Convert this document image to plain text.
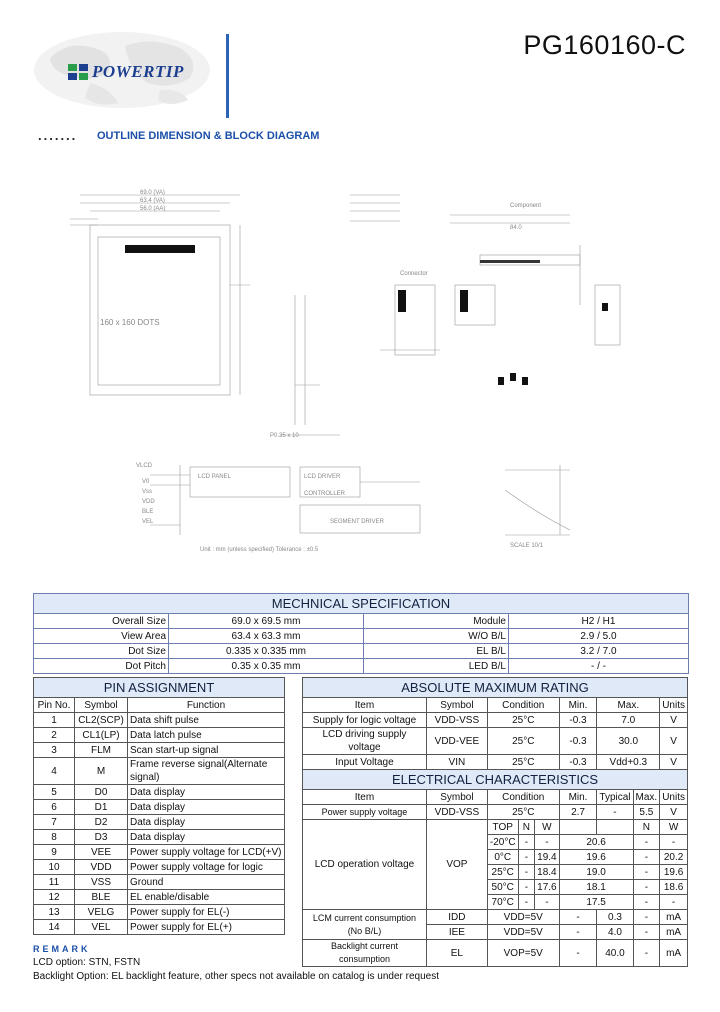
POWERTIP
PG160160-C
....... OUTLINE DIMENSION & BLOCK DIAGRAM
69.0 (VA)
63.4 (VA)
56.0 (AA)
160 x 160 DOTS
P0.35 x 10
Component
84.0
Connector
Unit : mm (unless specified) Tolerance : ±0.5
SCALE 10/1
LCD PANEL	LCD DRIVER
CONTROLLER
SEGMENT DRIVER
VLCD
V0
Vss
VDD
BLE
VEL
MECHNICAL SPECIFICATION			
Overall Size	69.0 x 69.5 mm	Module	H2 / H1
View Area	63.4 x 63.3 mm	W/O B/L	2.9 / 5.0
Dot Size	0.335 x 0.335 mm	EL B/L	3.2 / 7.0
Dot Pitch	0.35 x 0.35 mm	LED B/L	- / -
PIN ASSIGNMENT		
Pin No.	Symbol	Function
1	CL2(SCP)	Data shift pulse
2	CL1(LP)	Data latch pulse
3	FLM	Scan start-up signal
4	M	Frame reverse signal(Alternate signal)
5	D0	Data display
6	D1	Data display
7	D2	Data display
8	D3	Data display
9	VEE	Power supply voltage for LCD(+V)
10	VDD	Power supply voltage for logic
11	VSS	Ground
12	BLE	EL enable/disable
13	VELG	Power supply for EL(-)
14	VEL	Power supply for EL(+)
ABSOLUTE MAXIMUM RATING								
Item	Symbol	Condition			Min.	Max.		Units
Supply for logic voltage	VDD-VSS	25°C			-0.3	7.0		V
LCD driving supply voltage	VDD-VEE	25°C			-0.3	30.0		V
Input Voltage	VIN	25°C			-0.3	Vdd+0.3		V
ELECTRICAL CHARACTERISTICS								
Item	Symbol	Condition			Min.	Typical	Max.	Units
Power supply voltage	VDD-VSS	25°C			2.7	-	5.5	V
LCD operation voltage	VOP	TOP	N	W			N	W
		-20°C	-	-	20.6		-	-
		0°C	-	19.4	19.6		-	20.2
		25°C	-	18.4	19.0		-	19.6
		50°C	-	17.6	18.1		-	18.6
		70°C	-	-	17.5		-	-
LCM current consumption (No B/L)	IDD	VDD=5V			-	0.3	-	mA
	IEE	VDD=5V			-	4.0	-	mA
Backlight current consumption	EL	VOP=5V			-	40.0	-	mA
REMARK
LCD option: STN, FSTN
Backlight Option: EL backlight feature, other specs not available on catalog is under request
